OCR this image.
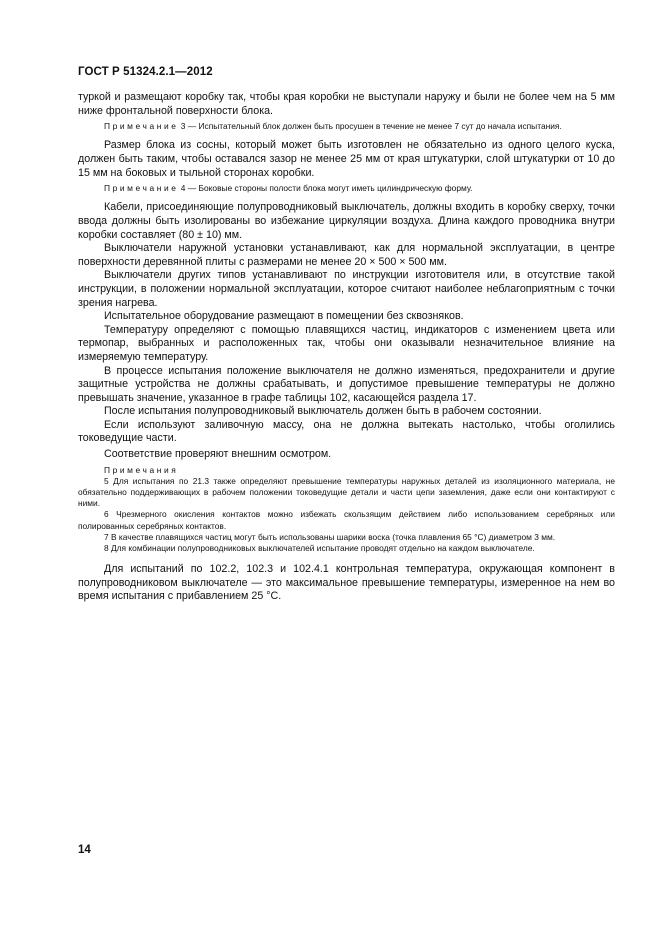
ГОСТ Р 51324.2.1—2012

туркой и размещают коробку так, чтобы края коробки не выступали наружу и были не более чем на 5 мм ниже фронтальной поверхности блока.

Примечание 3 — Испытательный блок должен быть просушен в течение не менее 7 сут до начала испытания.

Размер блока из сосны, который может быть изготовлен не обязательно из одного целого куска, должен быть таким, чтобы оставался зазор не менее 25 мм от края штукатурки, слой штукатурки от 10 до 15 мм на боковых и тыльной сторонах коробки.

Примечание 4 — Боковые стороны полости блока могут иметь цилиндрическую форму.

Кабели, присоединяющие полупроводниковый выключатель, должны входить в коробку сверху, точки ввода должны быть изолированы во избежание циркуляции воздуха. Длина каждого проводника внутри коробки составляет (80 ± 10) мм.

Выключатели наружной установки устанавливают, как для нормальной эксплуатации, в центре поверхности деревянной плиты с размерами не менее 20 × 500 × 500 мм.

Выключатели других типов устанавливают по инструкции изготовителя или, в отсутствие такой инструкции, в положении нормальной эксплуатации, которое считают наиболее неблагоприятным с точки зрения нагрева.

Испытательное оборудование размещают в помещении без сквозняков.

Температуру определяют с помощью плавящихся частиц, индикаторов с изменением цвета или термопар, выбранных и расположенных так, чтобы они оказывали незначительное влияние на измеряемую температуру.

В процессе испытания положение выключателя не должно изменяться, предохранители и другие защитные устройства не должны срабатывать, и допустимое превышение температуры не должно превышать значение, указанное в графе таблицы 102, касающейся раздела 17.

После испытания полупроводниковый выключатель должен быть в рабочем состоянии.

Если используют заливочную массу, она не должна вытекать настолько, чтобы оголились токоведущие части.

Соответствие проверяют внешним осмотром.

Примечания

5 Для испытания по 21.3 также определяют превышение температуры наружных деталей из изоляционного материала, не обязательно поддерживающих в рабочем положении токоведущие детали и части цепи заземления, даже если они контактируют с ними.

6 Чрезмерного окисления контактов можно избежать скользящим действием либо использованием серебряных или полированных серебряных контактов.

7 В качестве плавящихся частиц могут быть использованы шарики воска (точка плавления 65 °С) диаметром 3 мм.

8 Для комбинации полупроводниковых выключателей испытание проводят отдельно на каждом выключателе.

Для испытаний по 102.2, 102.3 и 102.4.1 контрольная температура, окружающая компонент в полупроводниковом выключателе — это максимальное превышение температуры, измеренное на нем во время испытания с прибавлением 25 °С.

14
